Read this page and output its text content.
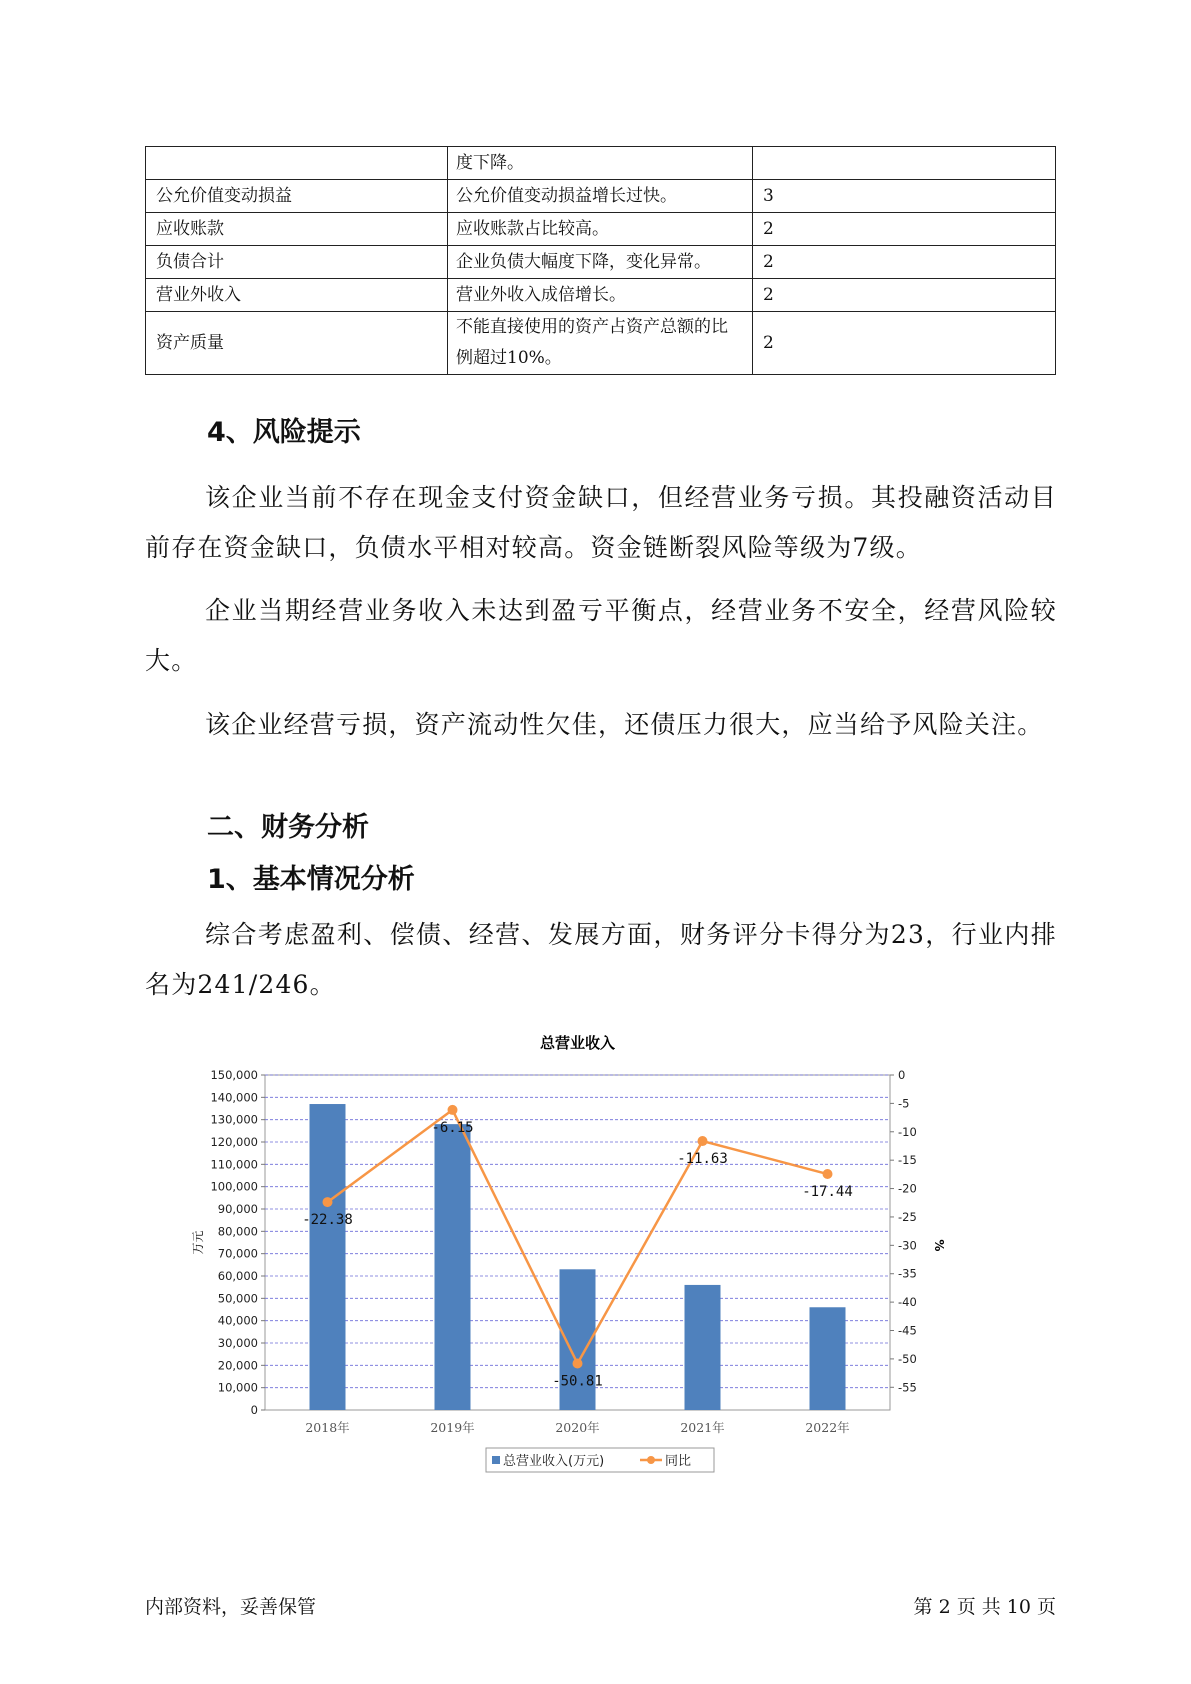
	度下降。	
公允价值变动损益	公允价值变动损益增长过快。	3
应收账款	应收账款占比较高。	2
负债合计	企业负债大幅度下降，变化异常。	2
营业外收入	营业外收入成倍增长。	2
资产质量	不能直接使用的资产占资产总额的比例超过10%。	2
4、风险提示
该企业当前不存在现金支付资金缺口，但经营业务亏损。其投融资活动目前存在资金缺口，负债水平相对较高。资金链断裂风险等级为7级。
企业当期经营业务收入未达到盈亏平衡点，经营业务不安全，经营风险较大。
该企业经营亏损，资产流动性欠佳，还债压力很大，应当给予风险关注。
二、财务分析
1、基本情况分析
综合考虑盈利、偿债、经营、发展方面，财务评分卡得分为23，行业内排名为241/246。
总营业收入
0
10,000
20,000
30,000
40,000
50,000
60,000
70,000
80,000
90,000
100,000
110,000
120,000
130,000
140,000
150,000
万元
0
-5
-10
-15
-20
-25
-30
-35
-40
-45
-50
-55
%
2018年	2019年	2020年	2021年	2022年
-22.38
-6.15
-50.81
-11.63
-17.44
总营业收入(万元)	同比
内部资料，妥善保管	第 2 页 共 10 页
